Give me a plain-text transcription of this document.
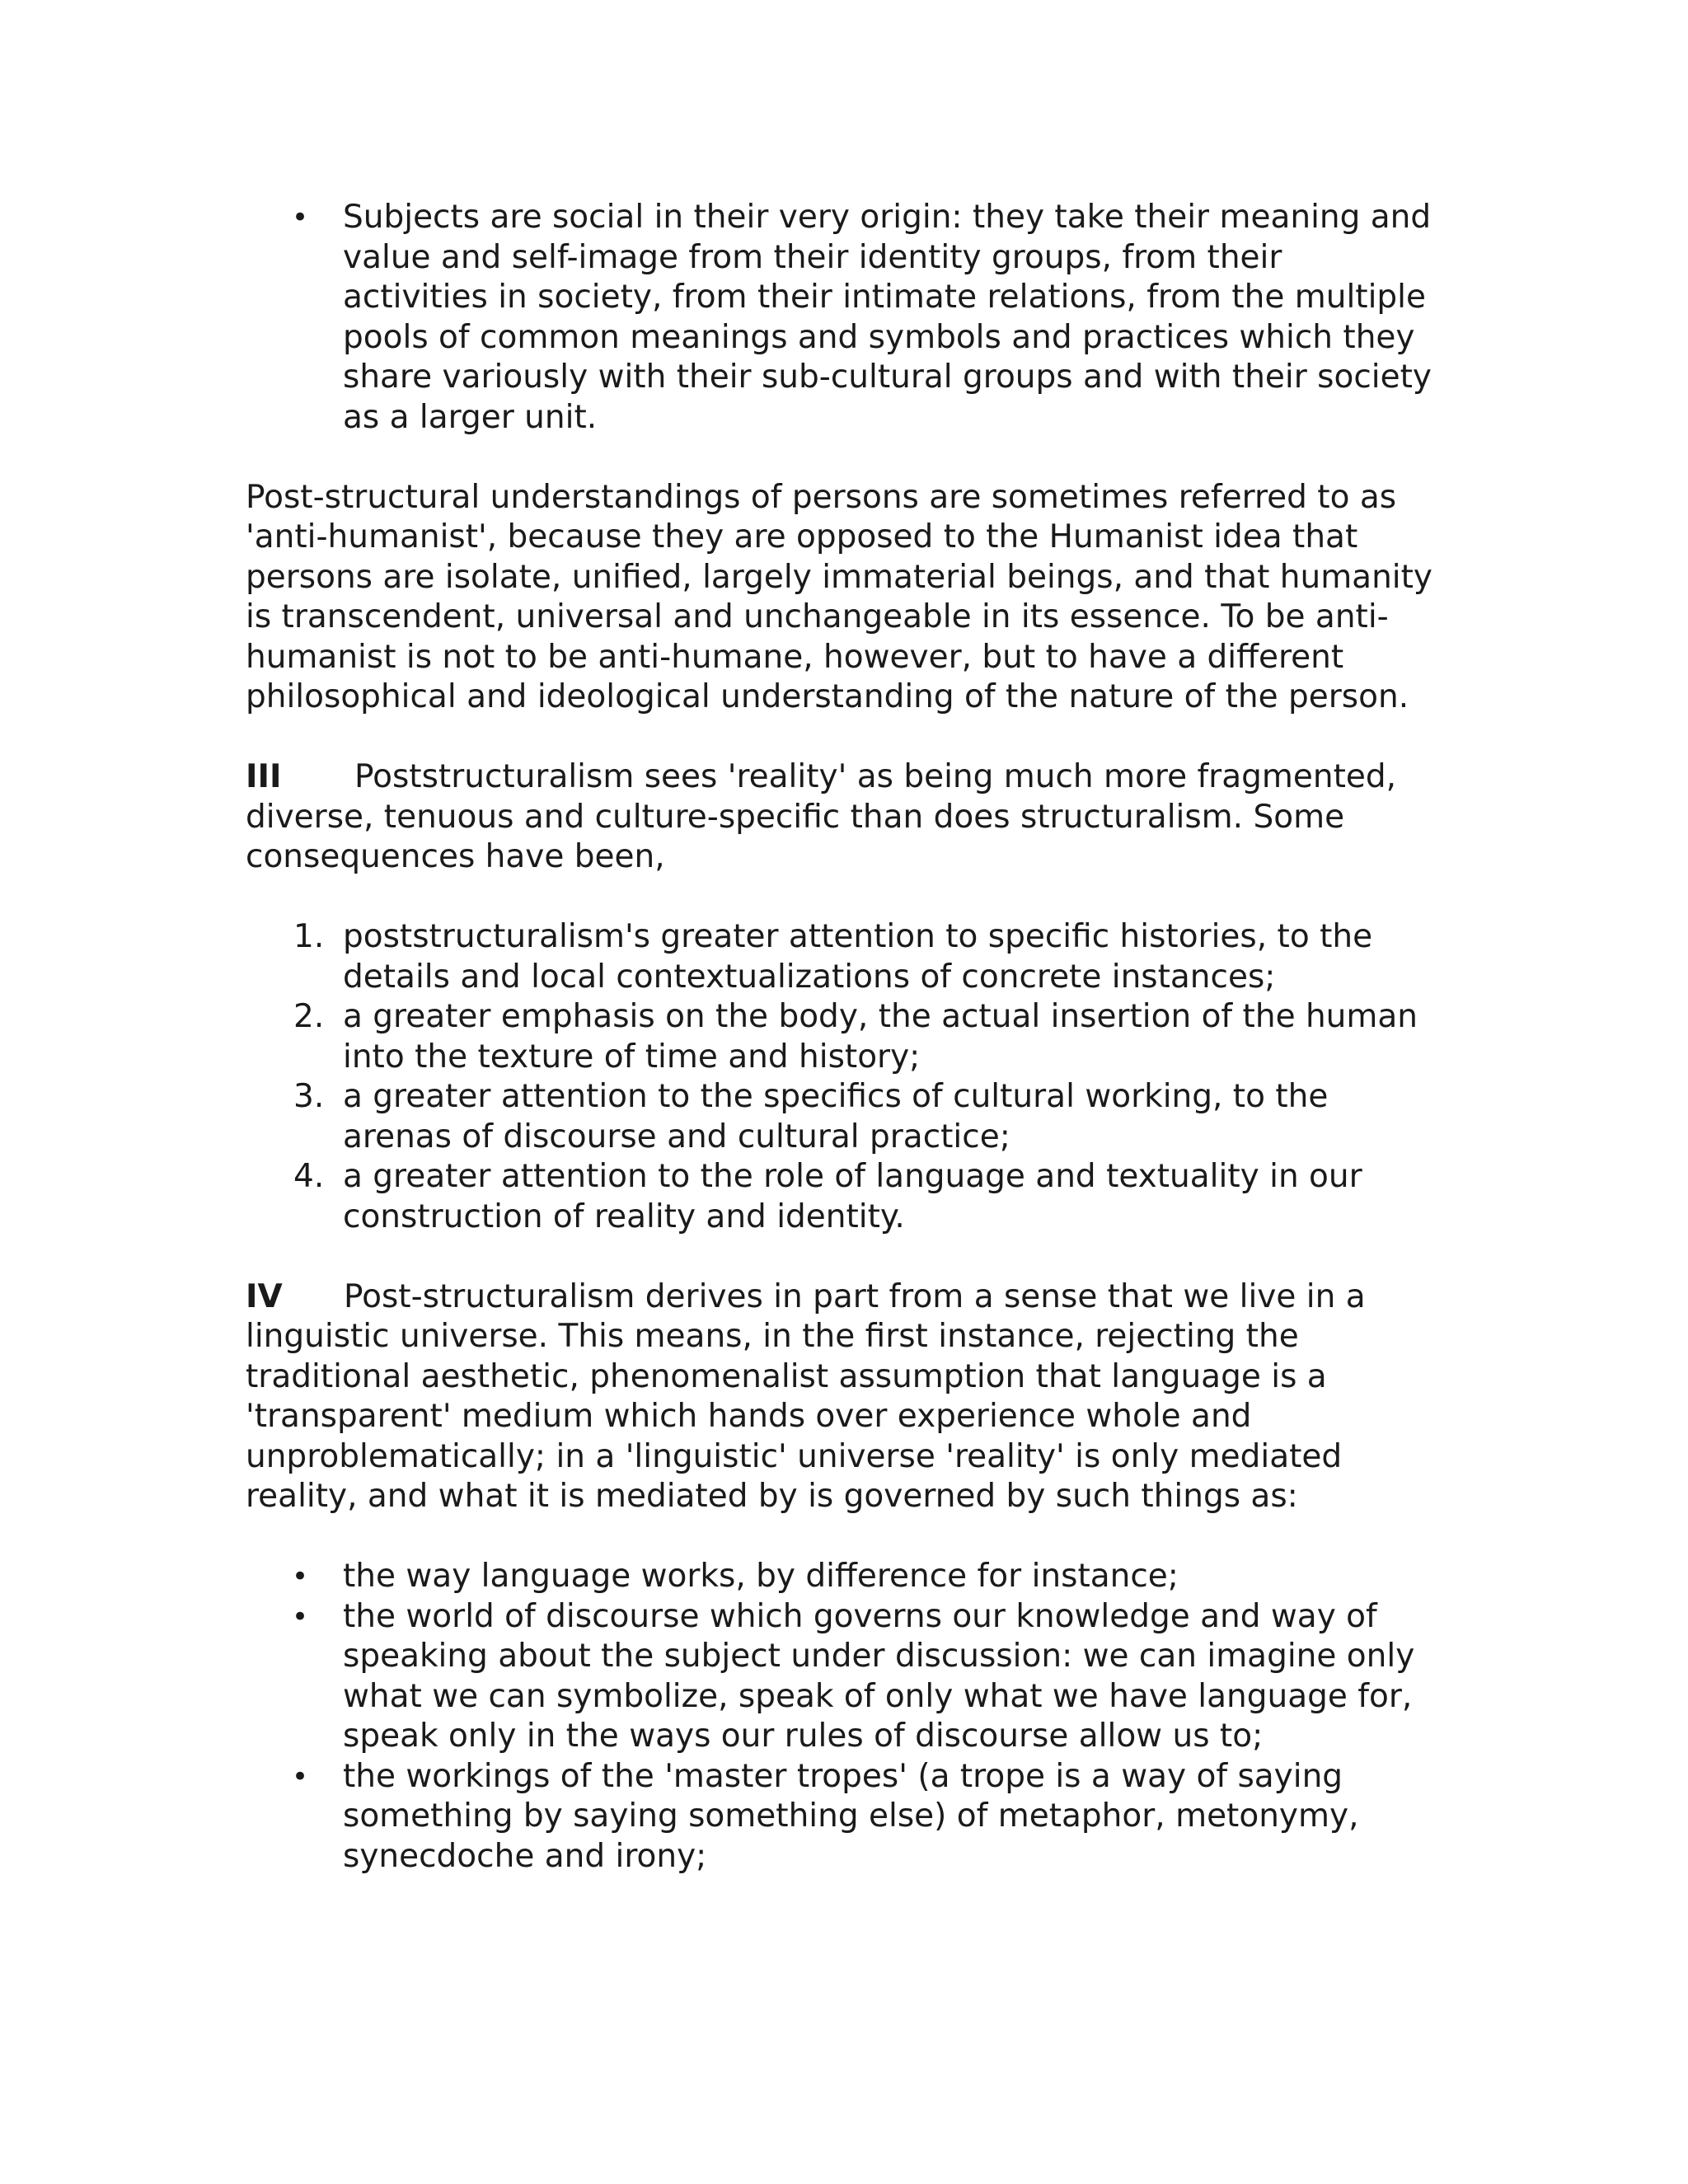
• Subjects are social in their very origin: they take their meaning and value and self-image from their identity groups, from their activities in society, from their intimate relations, from the multiple pools of common meanings and symbols and practices which they share variously with their sub-cultural groups and with their society as a larger unit.

Post-structural understandings of persons are sometimes referred to as 'anti-humanist', because they are opposed to the Humanist idea that persons are isolate, unified, largely immaterial beings, and that humanity is transcendent, universal and unchangeable in its essence. To be anti-humanist is not to be anti-humane, however, but to have a different philosophical and ideological understanding of the nature of the person.

III Poststructuralism sees 'reality' as being much more fragmented, diverse, tenuous and culture-specific than does structuralism. Some consequences have been,

1. poststructuralism's greater attention to specific histories, to the details and local contextualizations of concrete instances;
2. a greater emphasis on the body, the actual insertion of the human into the texture of time and history;
3. a greater attention to the specifics of cultural working, to the arenas of discourse and cultural practice;
4. a greater attention to the role of language and textuality in our construction of reality and identity.

IV Post-structuralism derives in part from a sense that we live in a linguistic universe. This means, in the first instance, rejecting the traditional aesthetic, phenomenalist assumption that language is a 'transparent' medium which hands over experience whole and unproblematically; in a 'linguistic' universe 'reality' is only mediated reality, and what it is mediated by is governed by such things as:

• the way language works, by difference for instance;
• the world of discourse which governs our knowledge and way of speaking about the subject under discussion: we can imagine only what we can symbolize, speak of only what we have language for, speak only in the ways our rules of discourse allow us to;
• the workings of the 'master tropes' (a trope is a way of saying something by saying something else) of metaphor, metonymy, synecdoche and irony;
